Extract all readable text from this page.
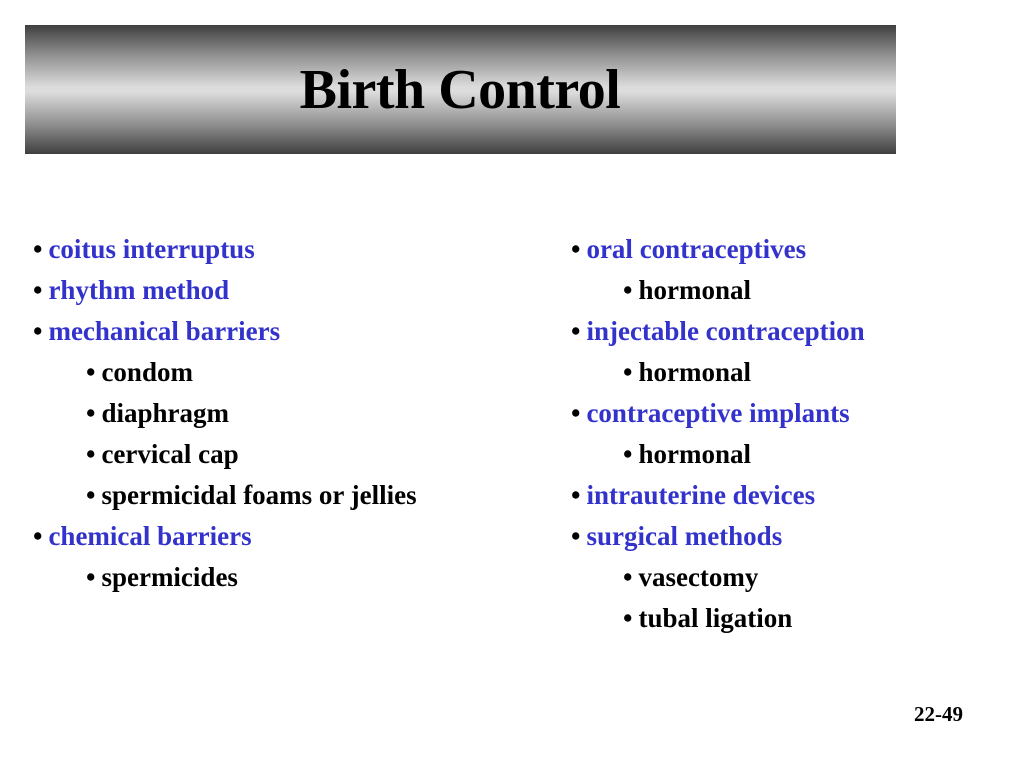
Birth Control
• coitus interruptus
• rhythm method
• mechanical barriers
• condom
• diaphragm
• cervical cap
• spermicidal foams or jellies
• chemical barriers
• spermicides
• oral contraceptives
• hormonal
• injectable contraception
• hormonal
• contraceptive implants
• hormonal
• intrauterine devices
• surgical methods
• vasectomy
• tubal ligation
22-49
